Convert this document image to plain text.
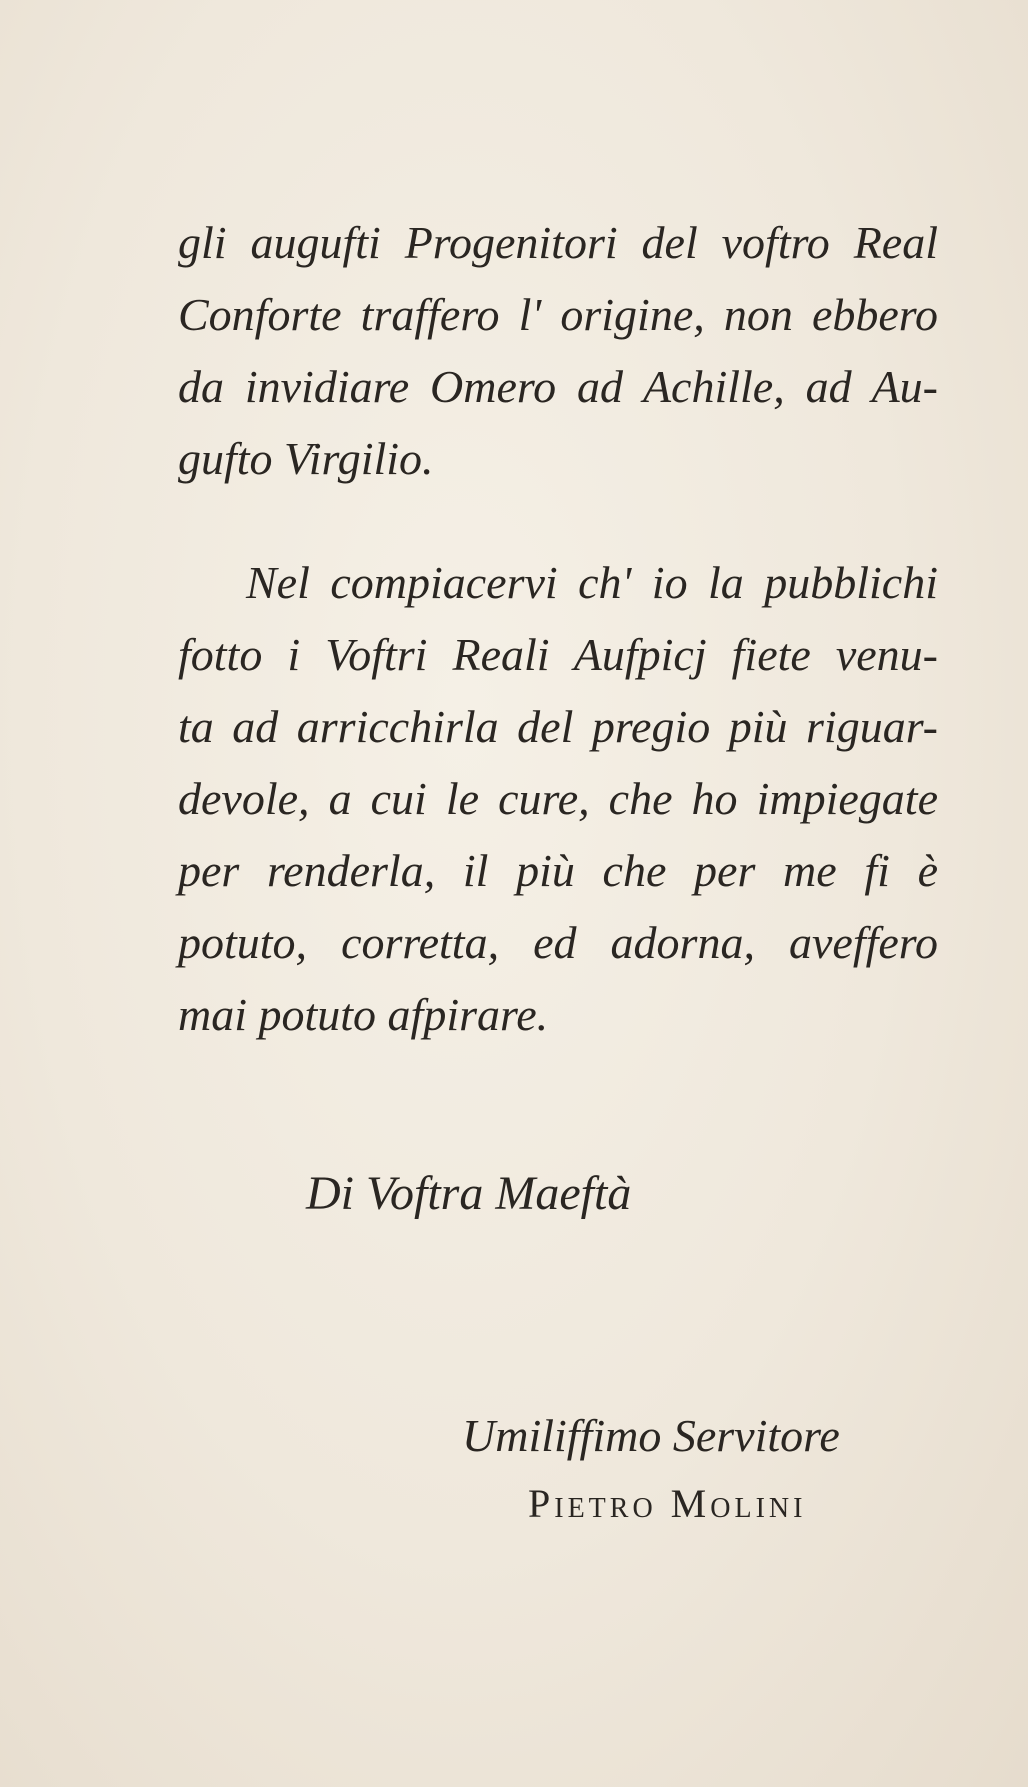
gli augufti Progenitori del voftro Real
Conforte traffero l' origine, non ebbero
da invidiare Omero ad Achille, ad Au-
gufto Virgilio.
Nel compiacervi ch' io la pubblichi
fotto i Voftri Reali Aufpicj fiete venu-
ta ad arricchirla del pregio più riguar-
devole, a cui le cure, che ho impiegate
per renderla, il più che per me fi è
potuto, corretta, ed adorna, aveffero
mai potuto afpirare.
Di Voftra Maeftà
Umiliffimo Servitore
Pietro Molini
